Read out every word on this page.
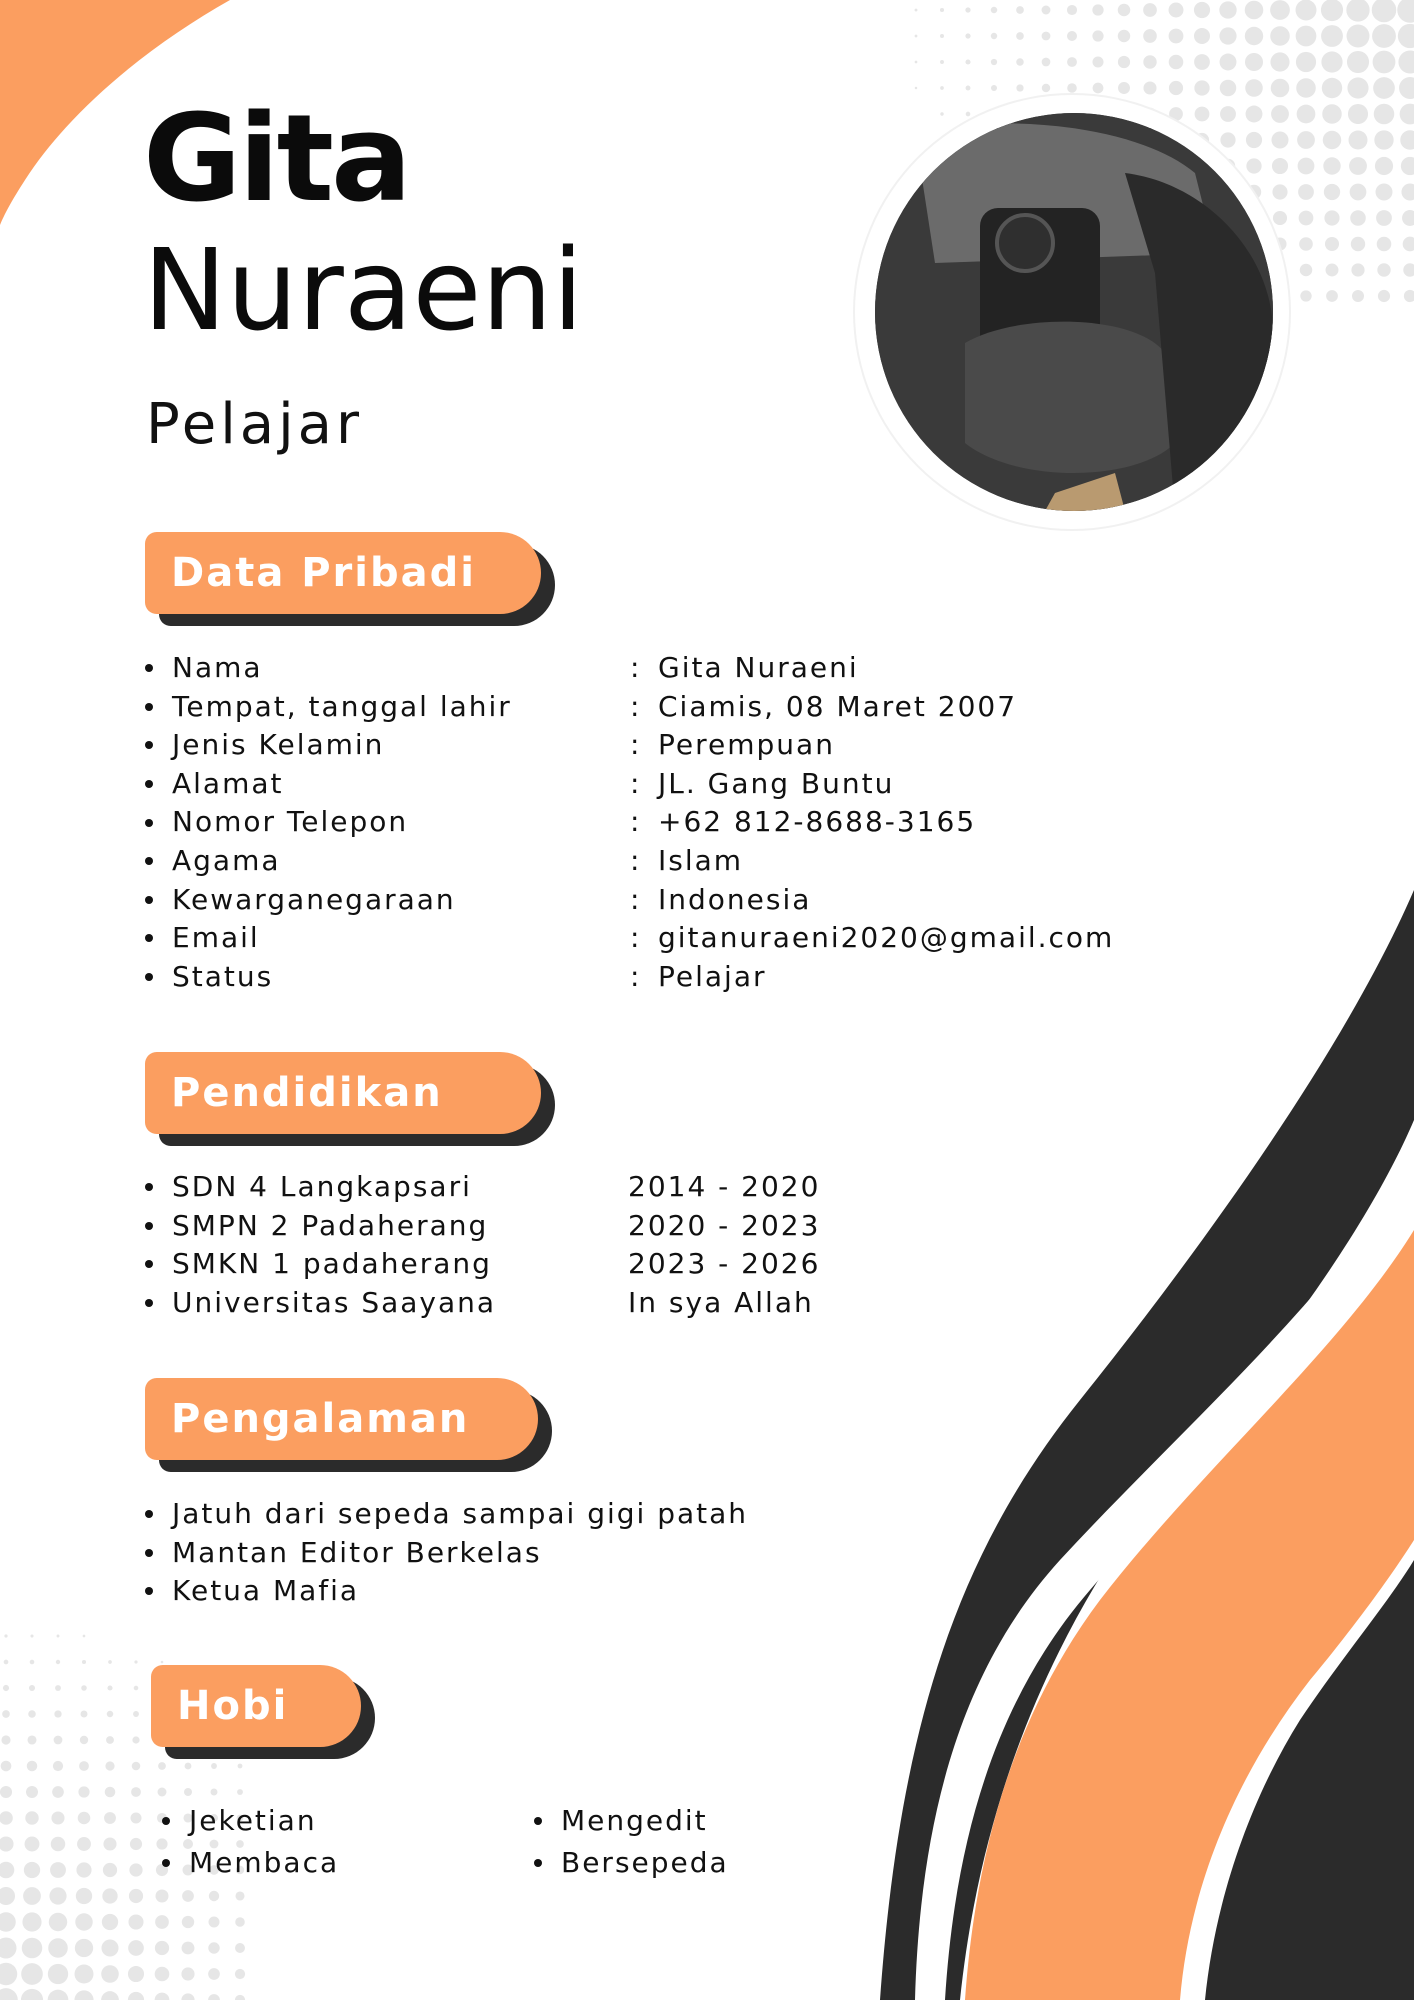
Gita
Nuraeni

Pelajar

Data Pribadi
Nama	: Gita Nuraeni
Tempat, tanggal lahir	: Ciamis, 08 Maret 2007
Jenis Kelamin	: Perempuan
Alamat	: JL. Gang Buntu
Nomor Telepon	: +62 812-8688-3165
Agama	: Islam
Kewarganegaraan	: Indonesia
Email	: gitanuraeni2020@gmail.com
Status	: Pelajar
Pendidikan
SDN 4 Langkapsari	2014 - 2020
SMPN 2 Padaherang	2020 - 2023
SMKN 1 padaherang	2023 - 2026
Universitas Saayana	In sya Allah
Pengalaman
Jatuh dari sepeda sampai gigi patah
Mantan Editor Berkelas
Ketua Mafia
Hobi
Jeketian
Membaca
Mengedit
Bersepeda
